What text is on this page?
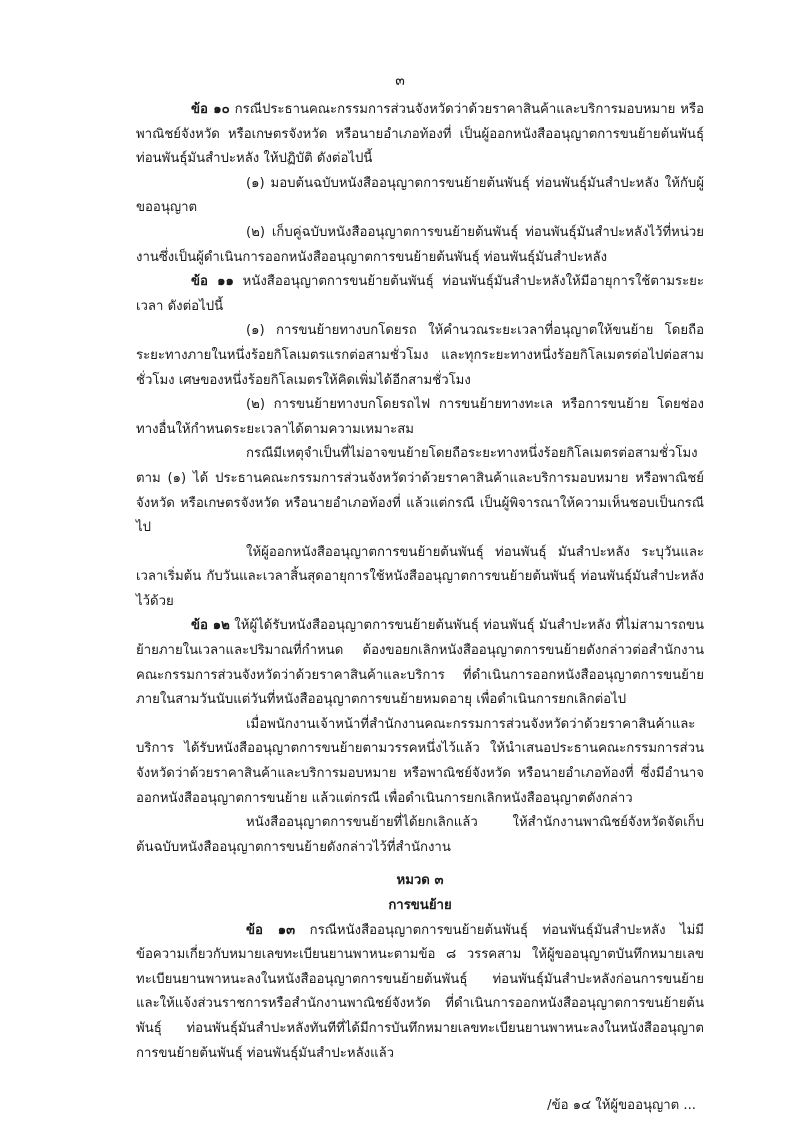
๓

ข้อ ๑๐ กรณีประธานคณะกรรมการส่วนจังหวัดว่าด้วยราคาสินค้าและบริการมอบหมาย หรือพาณิชย์จังหวัด หรือเกษตรจังหวัด หรือนายอำเภอท้องที่ เป็นผู้ออกหนังสืออนุญาตการขนย้ายต้นพันธุ์ ท่อนพันธุ์มันสำปะหลัง ให้ปฏิบัติ ดังต่อไปนี้

(๑) มอบต้นฉบับหนังสืออนุญาตการขนย้ายต้นพันธุ์ ท่อนพันธุ์มันสำปะหลัง ให้กับผู้ขออนุญาต

(๒) เก็บคู่ฉบับหนังสืออนุญาตการขนย้ายต้นพันธุ์ ท่อนพันธุ์มันสำปะหลังไว้ที่หน่วยงานซึ่งเป็นผู้ดำเนินการออกหนังสืออนุญาตการขนย้ายต้นพันธุ์ ท่อนพันธุ์มันสำปะหลัง

ข้อ ๑๑ หนังสืออนุญาตการขนย้ายต้นพันธุ์ ท่อนพันธุ์มันสำปะหลังให้มีอายุการใช้ตามระยะเวลา ดังต่อไปนี้

(๑) การขนย้ายทางบกโดยรถ ให้คำนวณระยะเวลาที่อนุญาตให้ขนย้าย โดยถือระยะทางภายในหนึ่งร้อยกิโลเมตรแรกต่อสามชั่วโมง และทุกระยะทางหนึ่งร้อยกิโลเมตรต่อไปต่อสามชั่วโมง เศษของหนึ่งร้อยกิโลเมตรให้คิดเพิ่มได้อีกสามชั่วโมง

(๒) การขนย้ายทางบกโดยรถไฟ การขนย้ายทางทะเล หรือการขนย้าย โดยช่องทางอื่นให้กำหนดระยะเวลาได้ตามความเหมาะสม

กรณีมีเหตุจำเป็นที่ไม่อาจขนย้ายโดยถือระยะทางหนึ่งร้อยกิโลเมตรต่อสามชั่วโมง ตาม (๑) ได้ ประธานคณะกรรมการส่วนจังหวัดว่าด้วยราคาสินค้าและบริการมอบหมาย หรือพาณิชย์จังหวัด หรือเกษตรจังหวัด หรือนายอำเภอท้องที่ แล้วแต่กรณี เป็นผู้พิจารณาให้ความเห็นชอบเป็นกรณีไป

ให้ผู้ออกหนังสืออนุญาตการขนย้ายต้นพันธุ์ ท่อนพันธุ์ มันสำปะหลัง ระบุวันและเวลาเริ่มต้น กับวันและเวลาสิ้นสุดอายุการใช้หนังสืออนุญาตการขนย้ายต้นพันธุ์ ท่อนพันธุ์มันสำปะหลังไว้ด้วย

ข้อ ๑๒ ให้ผู้ได้รับหนังสืออนุญาตการขนย้ายต้นพันธุ์ ท่อนพันธุ์ มันสำปะหลัง ที่ไม่สามารถขนย้ายภายในเวลาและปริมาณที่กำหนด ต้องขอยกเลิกหนังสืออนุญาตการขนย้ายดังกล่าวต่อสำนักงานคณะกรรมการส่วนจังหวัดว่าด้วยราคาสินค้าและบริการ ที่ดำเนินการออกหนังสืออนุญาตการขนย้ายภายในสามวันนับแต่วันที่หนังสืออนุญาตการขนย้ายหมดอายุ เพื่อดำเนินการยกเลิกต่อไป

เมื่อพนักงานเจ้าหน้าที่สำนักงานคณะกรรมการส่วนจังหวัดว่าด้วยราคาสินค้าและบริการ ได้รับหนังสืออนุญาตการขนย้ายตามวรรคหนึ่งไว้แล้ว ให้นำเสนอประธานคณะกรรมการส่วนจังหวัดว่าด้วยราคาสินค้าและบริการมอบหมาย หรือพาณิชย์จังหวัด หรือนายอำเภอท้องที่ ซึ่งมีอำนาจออกหนังสืออนุญาตการขนย้าย แล้วแต่กรณี เพื่อดำเนินการยกเลิกหนังสืออนุญาตดังกล่าว

หนังสืออนุญาตการขนย้ายที่ได้ยกเลิกแล้ว ให้สำนักงานพาณิชย์จังหวัดจัดเก็บต้นฉบับหนังสืออนุญาตการขนย้ายดังกล่าวไว้ที่สำนักงาน

หมวด ๓

การขนย้าย

ข้อ ๑๓ กรณีหนังสืออนุญาตการขนย้ายต้นพันธุ์ ท่อนพันธุ์มันสำปะหลัง ไม่มีข้อความเกี่ยวกับหมายเลขทะเบียนยานพาหนะตามข้อ ๘ วรรคสาม ให้ผู้ขออนุญาตบันทึกหมายเลขทะเบียนยานพาหนะลงในหนังสืออนุญาตการขนย้ายต้นพันธุ์ ท่อนพันธุ์มันสำปะหลังก่อนการขนย้าย และให้แจ้งส่วนราชการหรือสำนักงานพาณิชย์จังหวัด ที่ดำเนินการออกหนังสืออนุญาตการขนย้ายต้นพันธุ์ ท่อนพันธุ์มันสำปะหลังทันทีที่ได้มีการบันทึกหมายเลขทะเบียนยานพาหนะลงในหนังสืออนุญาตการขนย้ายต้นพันธุ์ ท่อนพันธุ์มันสำปะหลังแล้ว

/ข้อ ๑๔ ให้ผู้ขออนุญาต ...
